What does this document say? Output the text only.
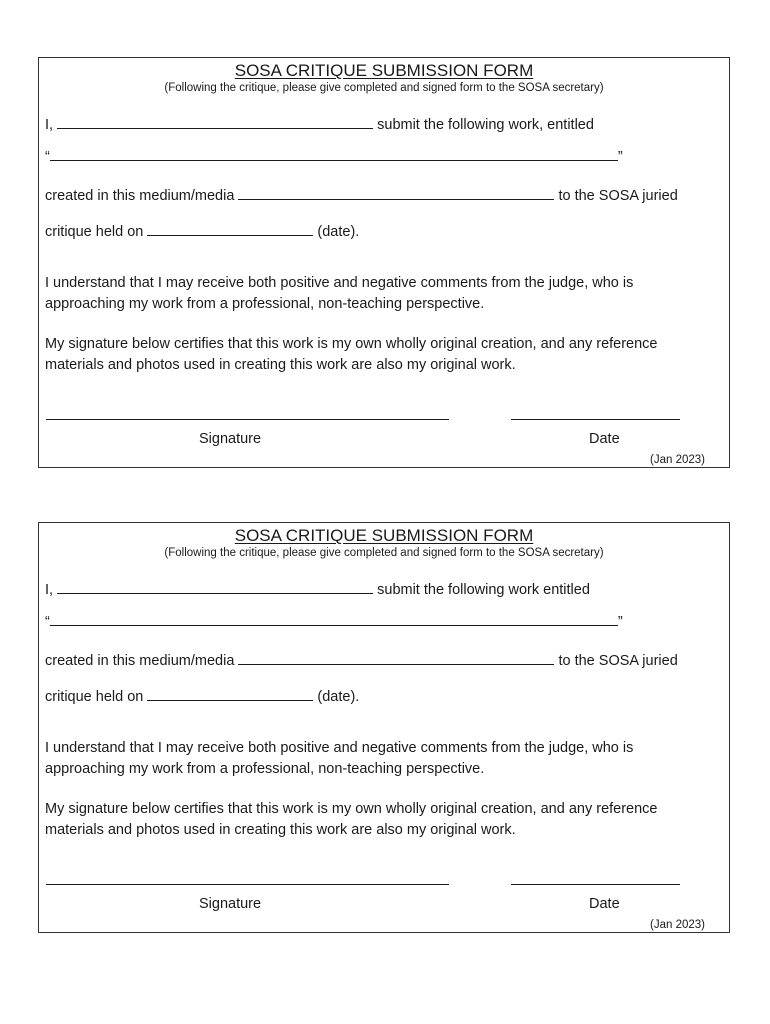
SOSA CRITIQUE SUBMISSION FORM
(Following the critique, please give completed and signed form to the SOSA secretary)
I,	submit the following work, entitled
“	”
created in this medium/media	to the SOSA juried
critique held on	(date).
I understand that I may receive both positive and negative comments from the judge, who is approaching my work from a professional, non-teaching perspective.
My signature below certifies that this work is my own wholly original creation, and any reference materials and photos used in creating this work are also my original work.
Signature	Date
(Jan 2023)
SOSA CRITIQUE SUBMISSION FORM
(Following the critique, please give completed and signed form to the SOSA secretary)
I,	submit the following work entitled
“	”
created in this medium/media	to the SOSA juried
critique held on	(date).
I understand that I may receive both positive and negative comments from the judge, who is approaching my work from a professional, non-teaching perspective.
My signature below certifies that this work is my own wholly original creation, and any reference materials and photos used in creating this work are also my original work.
Signature	Date
(Jan 2023)
